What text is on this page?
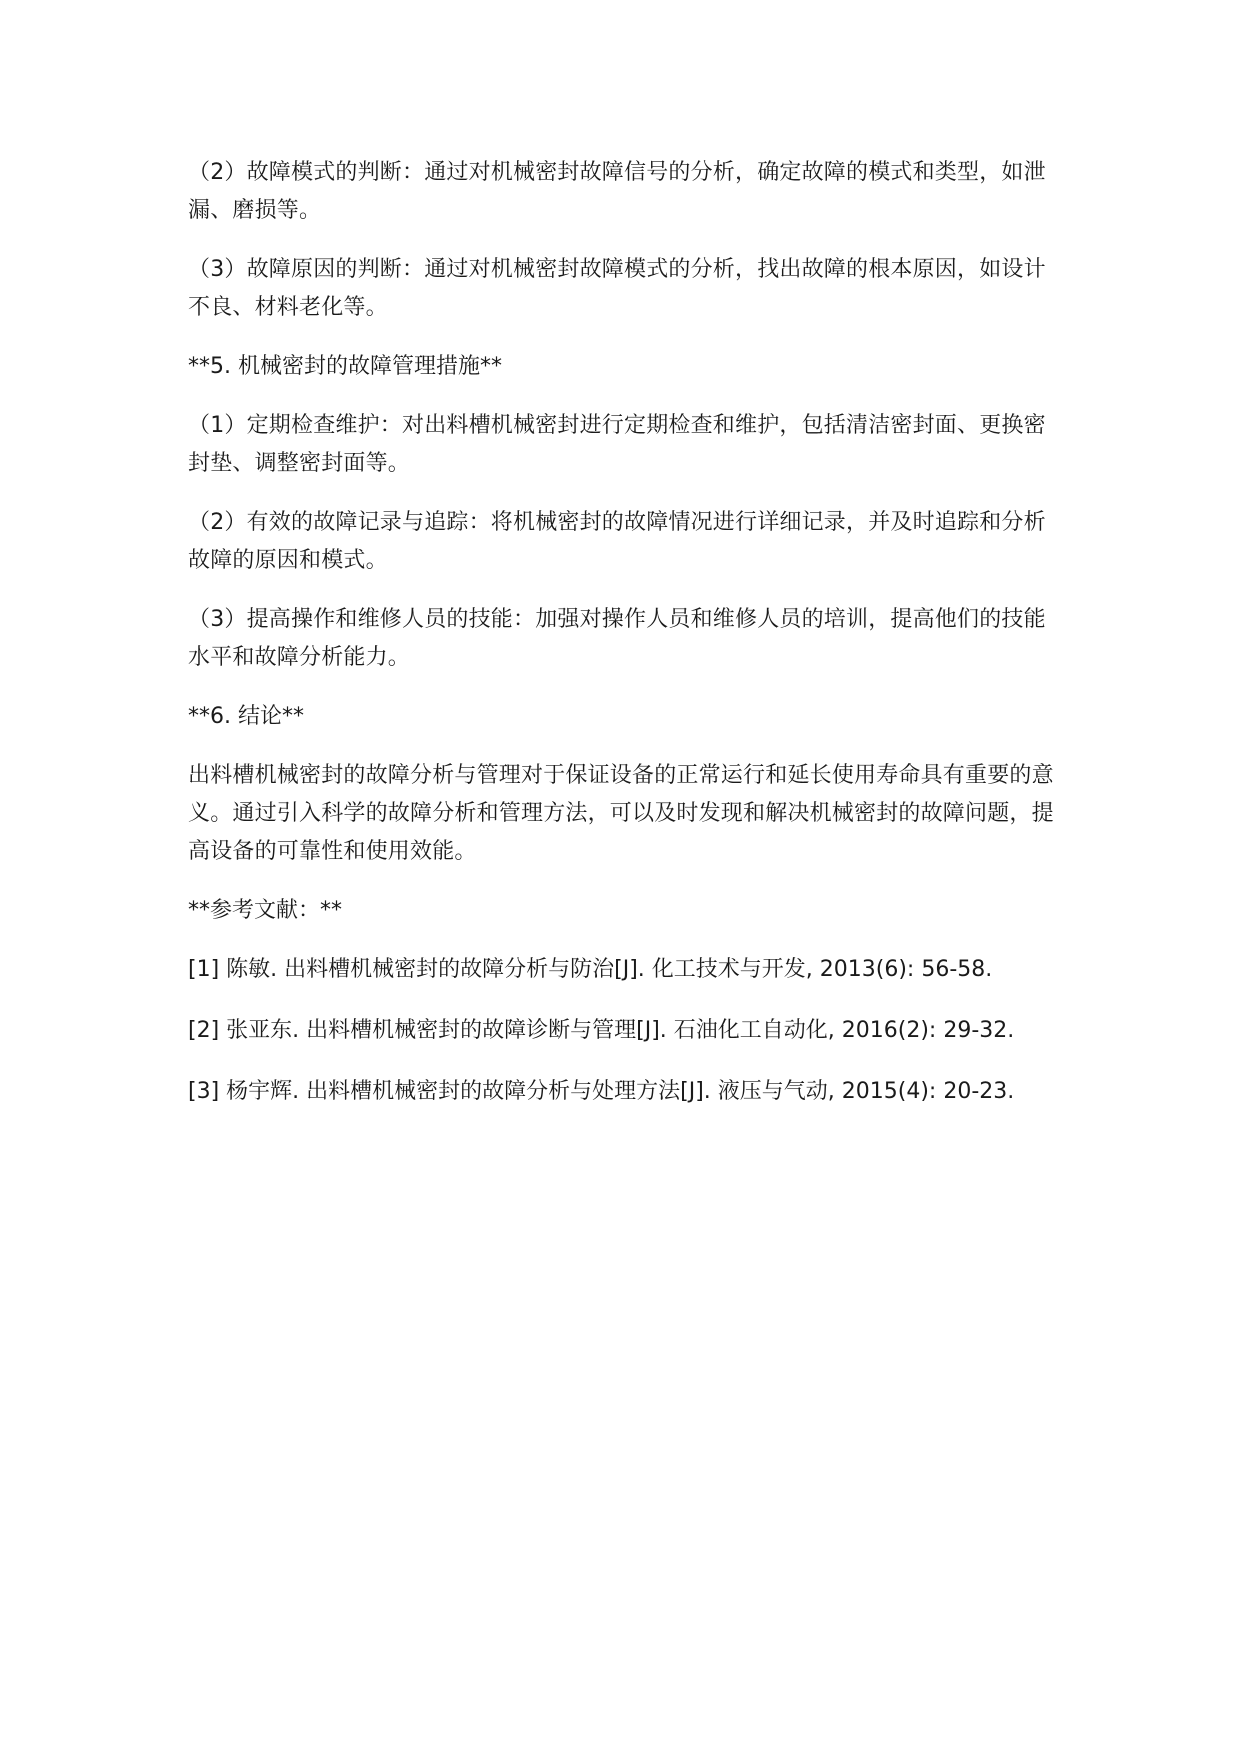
（2）故障模式的判断：通过对机械密封故障信号的分析，确定故障的模式和类型，如泄漏、磨损等。

（3）故障原因的判断：通过对机械密封故障模式的分析，找出故障的根本原因，如设计不良、材料老化等。

**5. 机械密封的故障管理措施**

（1）定期检查维护：对出料槽机械密封进行定期检查和维护，包括清洁密封面、更换密封垫、调整密封面等。

（2）有效的故障记录与追踪：将机械密封的故障情况进行详细记录，并及时追踪和分析故障的原因和模式。

（3）提高操作和维修人员的技能：加强对操作人员和维修人员的培训，提高他们的技能水平和故障分析能力。

**6. 结论**

出料槽机械密封的故障分析与管理对于保证设备的正常运行和延长使用寿命具有重要的意义。通过引入科学的故障分析和管理方法，可以及时发现和解决机械密封的故障问题，提高设备的可靠性和使用效能。

**参考文献：**

[1] 陈敏. 出料槽机械密封的故障分析与防治[J]. 化工技术与开发, 2013(6): 56-58.

[2] 张亚东. 出料槽机械密封的故障诊断与管理[J]. 石油化工自动化, 2016(2): 29-32.

[3] 杨宇辉. 出料槽机械密封的故障分析与处理方法[J]. 液压与气动, 2015(4): 20-23.
